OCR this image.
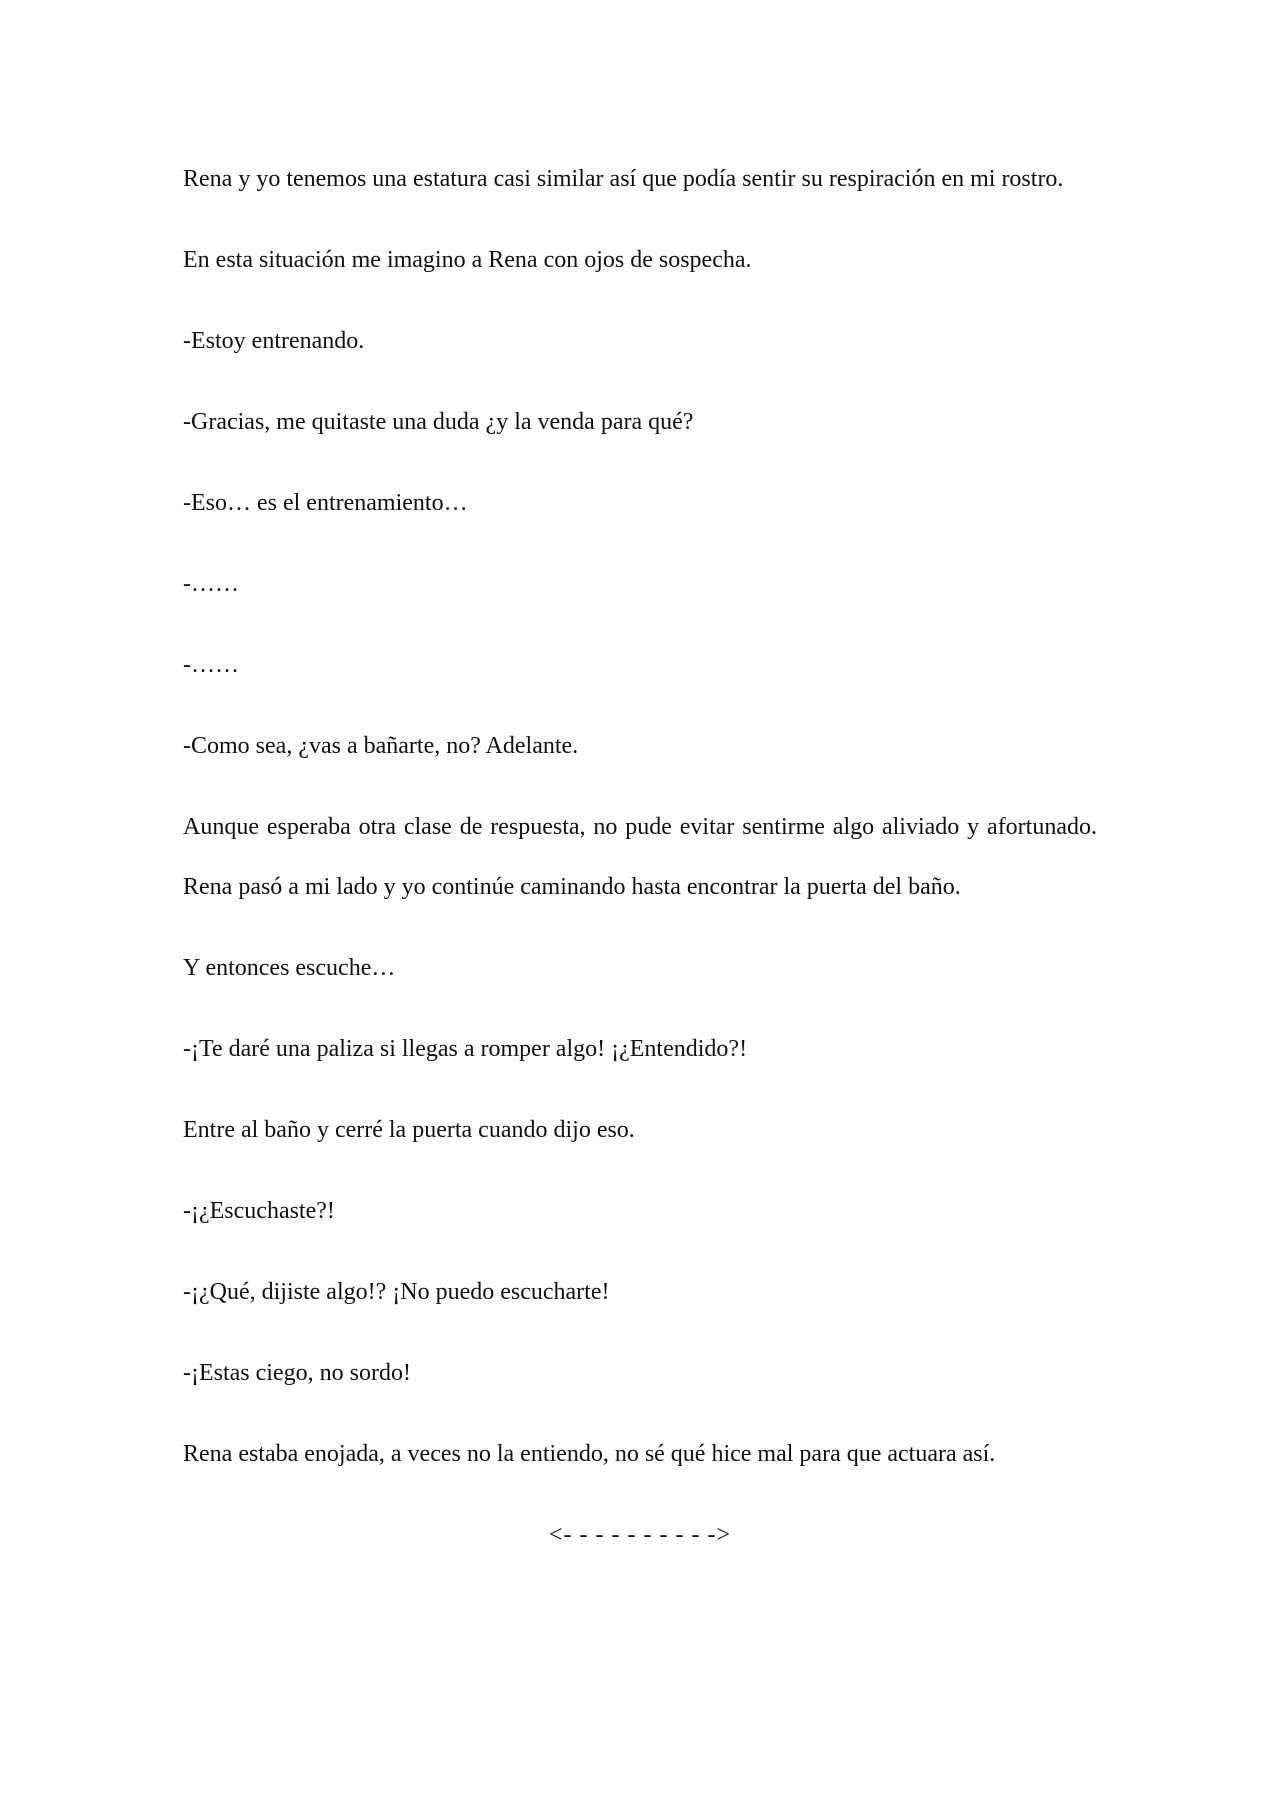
Rena y yo tenemos una estatura casi similar así que podía sentir su respiración en mi rostro.

En esta situación me imagino a Rena con ojos de sospecha.

-Estoy entrenando.

-Gracias, me quitaste una duda ¿y la venda para qué?

-Eso… es el entrenamiento…

-……

-……

-Como sea, ¿vas a bañarte, no? Adelante.

Aunque esperaba otra clase de respuesta, no pude evitar sentirme algo aliviado y afortunado. Rena pasó a mi lado y yo continúe caminando hasta encontrar la puerta del baño.

Y entonces escuche…

-¡Te daré una paliza si llegas a romper algo! ¡¿Entendido?!

Entre al baño y cerré la puerta cuando dijo eso.

-¡¿Escuchaste?!

-¡¿Qué, dijiste algo!? ¡No puedo escucharte!

-¡Estas ciego, no sordo!

Rena estaba enojada, a veces no la entiendo, no sé qué hice mal para que actuara así.

<- - - - - - - - - ->
